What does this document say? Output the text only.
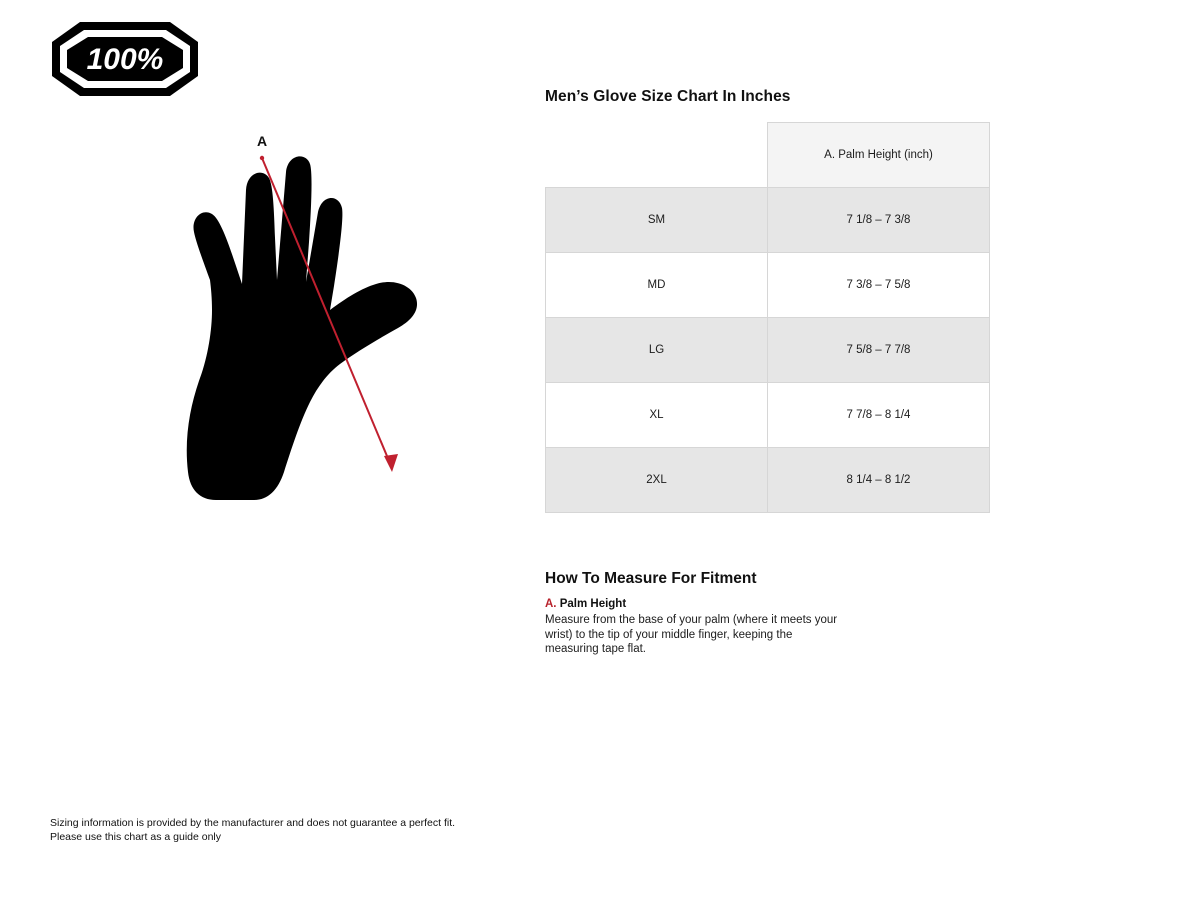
100%
A
Men’s Glove Size Chart In Inches
	A. Palm Height (inch)
SM	7 1/8 – 7 3/8
MD	7 3/8 – 7 5/8
LG	7 5/8 – 7 7/8
XL	7 7/8 – 8 1/4
2XL	8 1/4 – 8 1/2
How To Measure For Fitment

A. Palm Height

Measure from the base of your palm (where it meets your wrist) to the tip of your middle finger, keeping the measuring tape flat.

Sizing information is provided by the manufacturer and does not guarantee a perfect fit.
Please use this chart as a guide only
